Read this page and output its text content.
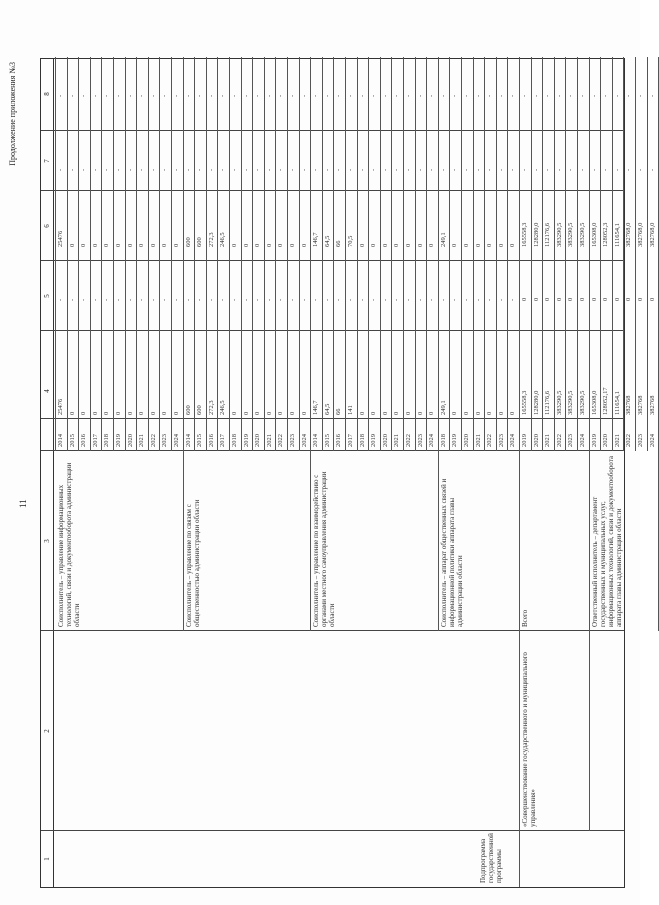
Продолжение приложения №3
11
1
2
3
4
5
6
7
8
Подпрограмма государственной программы
Соисполнитель – управление информационных технологий, связи и документооборота администрации области
2014
25476
-
25476
-
-
2015
0
-
0
-
-
2016
0
-
0
-
-
2017
0
-
0
-
-
2018
0
-
0
-
-
2019
0
-
0
-
-
2020
0
-
0
-
-
2021
0
-
0
-
-
2022
0
-
0
-
-
2023
0
-
0
-
-
2024
0
-
0
-
-
Соисполнитель – управление по связям с общественностью администрации области
2014
600
-
600
-
-
2015
600
-
600
-
-
2016
272,3
-
272,3
-
-
2017
246,5
-
246,5
-
-
2018
0
-
0
-
-
2019
0
-
0
-
-
2020
0
-
0
-
-
2021
0
-
0
-
-
2022
0
-
0
-
-
2023
0
-
0
-
-
2024
0
-
0
-
-
Соисполнитель – управление по взаимодействию с органами местного самоуправления администрации области
2014
146,7
-
146,7
-
-
2015
64,5
-
64,5
-
-
2016
66
-
66
-
-
2017
141
-
70,5
-
-
2018
0
-
0
-
-
2019
0
-
0
-
-
2020
0
-
0
-
-
2021
0
-
0
-
-
2022
0
-
0
-
-
2023
0
-
0
-
-
2024
0
-
0
-
-
Соисполнитель – аппарат общественных связей и информационной политики аппарата главы администрации области
2018
249,1
-
249,1
-
-
2019
0
-
0
-
-
2020
0
-
0
-
-
2021
0
-
0
-
-
2022
0
-
0
-
-
2023
0
-
0
-
-
2024
0
-
0
-
-
«Совершенствование государственного и муниципального управления»
Всего
2019
165558,3
0
165558,3
-
-
2020
128280,0
0
128280,0
-
-
2021
112176,6
0
112176,6
-
-
2022
383290,5
0
383290,5
-
-
2023
383290,5
0
383290,5
-
-
2024
383290,5
0
383290,5
-
-
Ответственный исполнитель – департамент государственных и муниципальных услуг, информационных технологий, связи и документооборота аппарата главы администрации области
2019
165308,0
0
165308,0
-
-
2020
128052,17
0
128052,3
-
-
2021
111654,1
0
111654,1
-
-
2022
382768
0
382768,0
-
-
2023
382768
0
382768,0
-
-
2024
382768
0
382768,0
-
-
